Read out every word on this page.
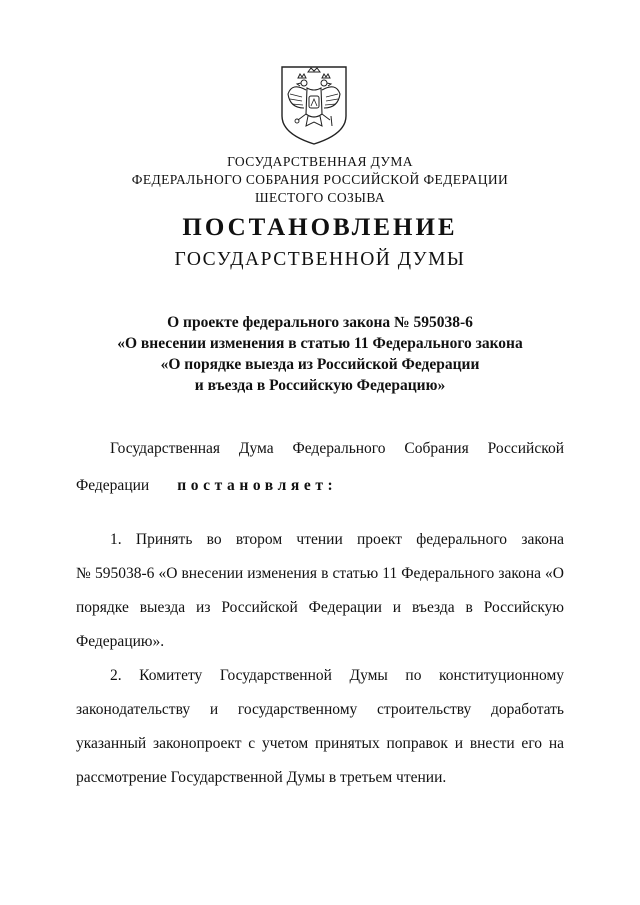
ГОСУДАРСТВЕННАЯ ДУМА
ФЕДЕРАЛЬНОГО СОБРАНИЯ РОССИЙСКОЙ ФЕДЕРАЦИИ
ШЕСТОГО СОЗЫВА
ПОСТАНОВЛЕНИЕ
ГОСУДАРСТВЕННОЙ ДУМЫ
О проекте федерального закона № 595038-6
«О внесении изменения в статью 11 Федерального закона
«О порядке выезда из Российской Федерации
и въезда в Российскую Федерацию»
Государственная Дума Федерального Собрания Российской
Федерации постановляет:
1. Принять во втором чтении проект федерального закона
№ 595038-6 «О внесении изменения в статью 11 Федерального закона «О
порядке выезда из Российской Федерации и въезда в Российскую
Федерацию».
2. Комитету Государственной Думы по конституционному
законодательству и государственному строительству доработать
указанный законопроект с учетом принятых поправок и внести его на
рассмотрение Государственной Думы в третьем чтении.
